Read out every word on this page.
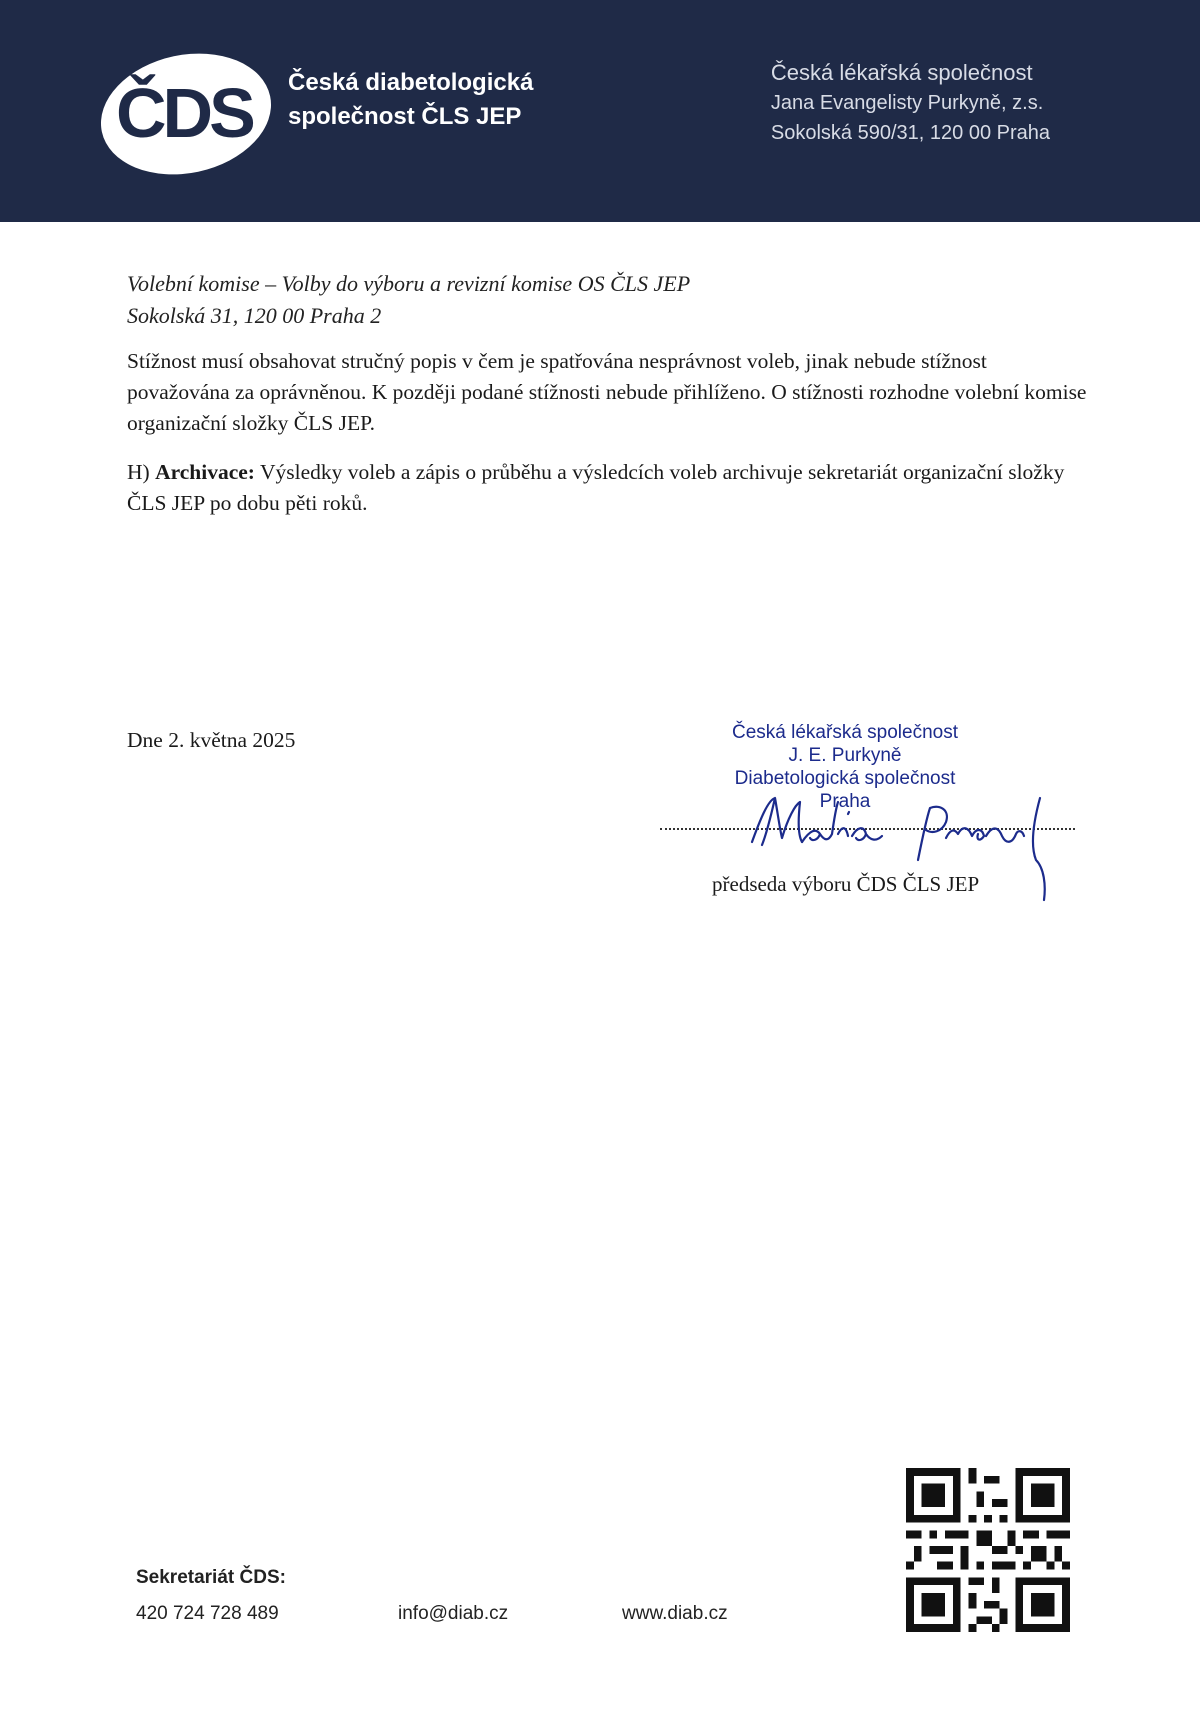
ČDS Česká diabetologická
společnost ČLS JEP
Česká lékařská společnost
Jana Evangelisty Purkyně, z.s.
Sokolská 590/31, 120 00 Praha
Volební komise – Volby do výboru a revizní komise OS ČLS JEP
Sokolská 31, 120 00 Praha 2
Stížnost musí obsahovat stručný popis v čem je spatřována nesprávnost voleb, jinak nebude stížnost považována za oprávněnou. K později podané stížnosti nebude přihlíženo. O stížnosti rozhodne volební komise organizační složky ČLS JEP.
H) Archivace: Výsledky voleb a zápis o průběhu a výsledcích voleb archivuje sekretariát organizační složky ČLS JEP po dobu pěti roků.
Dne 2. května 2025	Česká lékařská společnost
J. E. Purkyně
Diabetologická společnost
Praha
předseda výboru ČDS ČLS JEP
Sekretariát ČDS:
420 724 728 489	info@diab.cz	www.diab.cz
